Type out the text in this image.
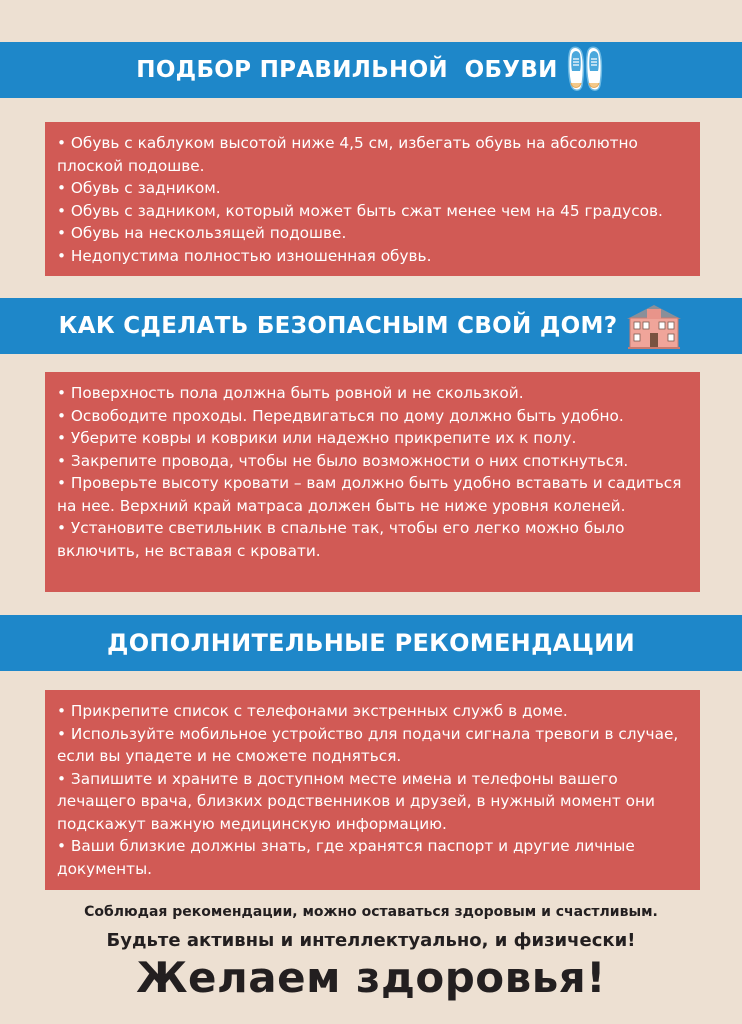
ПОДБОР ПРАВИЛЬНОЙ  ОБУВИ
• Обувь с каблуком высотой ниже 4,5 см, избегать обувь на абсолютно плоской подошве.
• Обувь с задником.
• Обувь с задником, который может быть сжат менее чем на 45 градусов.
• Обувь на нескользящей подошве.
• Недопустима полностью изношенная обувь.
КАК СДЕЛАТЬ БЕЗОПАСНЫМ СВОЙ ДОМ?
• Поверхность пола должна быть ровной и не скользкой.
• Освободите проходы. Передвигаться по дому должно быть удобно.
• Уберите ковры и коврики или надежно прикрепите их к полу.
• Закрепите провода, чтобы не было возможности о них споткнуться.
• Проверьте высоту кровати – вам должно быть удобно вставать и садиться на нее. Верхний край матраса должен быть не ниже уровня коленей.
• Установите светильник в спальне так, чтобы его легко можно было включить, не вставая с кровати.
ДОПОЛНИТЕЛЬНЫЕ РЕКОМЕНДАЦИИ
• Прикрепите список с телефонами экстренных служб в доме.
• Используйте мобильное устройство для подачи сигнала тревоги в случае, если вы упадете и не сможете подняться.
• Запишите и храните в доступном месте имена и телефоны вашего лечащего врача, близких родственников и друзей, в нужный момент они подскажут важную медицинскую информацию.
• Ваши близкие должны знать, где хранятся паспорт и другие личные документы.
Соблюдая рекомендации, можно оставаться здоровым и счастливым.
Будьте активны и интеллектуально, и физически!
Желаем здоровья!
